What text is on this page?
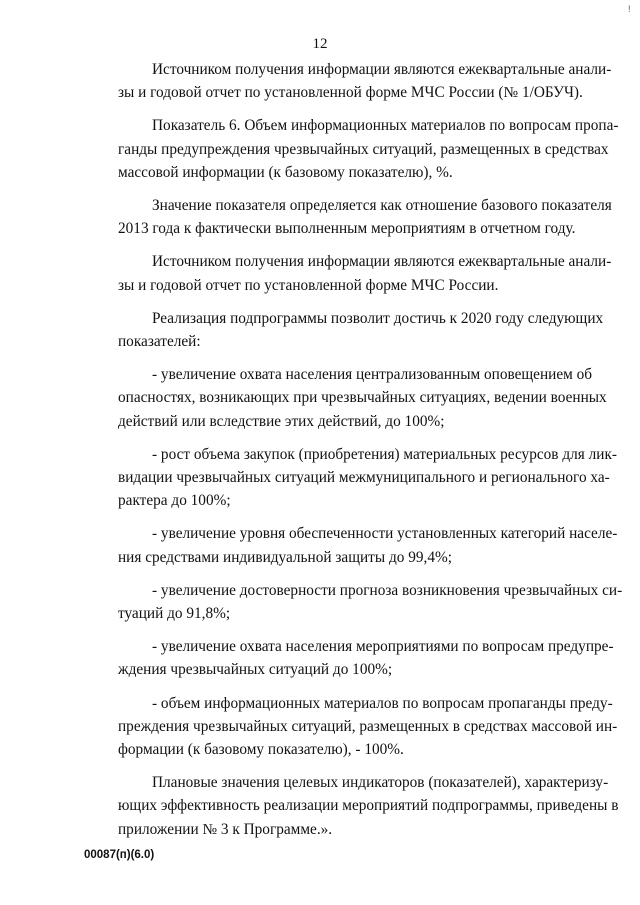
!
12

Источником получения информации являются ежеквартальные анали-
зы и годовой отчет по установленной форме МЧС России (№ 1/ОБУЧ).

Показатель 6. Объем информационных материалов по вопросам пропа-
ганды предупреждения чрезвычайных ситуаций, размещенных в средствах
массовой информации (к базовому показателю), %.

Значение показателя определяется как отношение базового показателя
2013 года к фактически выполненным мероприятиям в отчетном году.

Источником получения информации являются ежеквартальные анали-
зы и годовой отчет по установленной форме МЧС России.

Реализация подпрограммы позволит достичь к 2020 году следующих
показателей:

- увеличение охвата населения централизованным оповещением об
опасностях, возникающих при чрезвычайных ситуациях, ведении военных
действий или вследствие этих действий, до 100%;

- рост объема закупок (приобретения) материальных ресурсов для лик-
видации чрезвычайных ситуаций межмуниципального и регионального ха-
рактера до 100%;

- увеличение уровня обеспеченности установленных категорий населе-
ния средствами индивидуальной защиты до 99,4%;

- увеличение достоверности прогноза возникновения чрезвычайных си-
туаций до 91,8%;

- увеличение охвата населения мероприятиями по вопросам предупре-
ждения чрезвычайных ситуаций до 100%;

- объем информационных материалов по вопросам пропаганды преду-
преждения чрезвычайных ситуаций, размещенных в средствах массовой ин-
формации (к базовому показателю), - 100%.

Плановые значения целевых индикаторов (показателей), характеризу-
ющих эффективность реализации мероприятий подпрограммы, приведены в
приложении № 3 к Программе.».

00087(п)(6.0)
